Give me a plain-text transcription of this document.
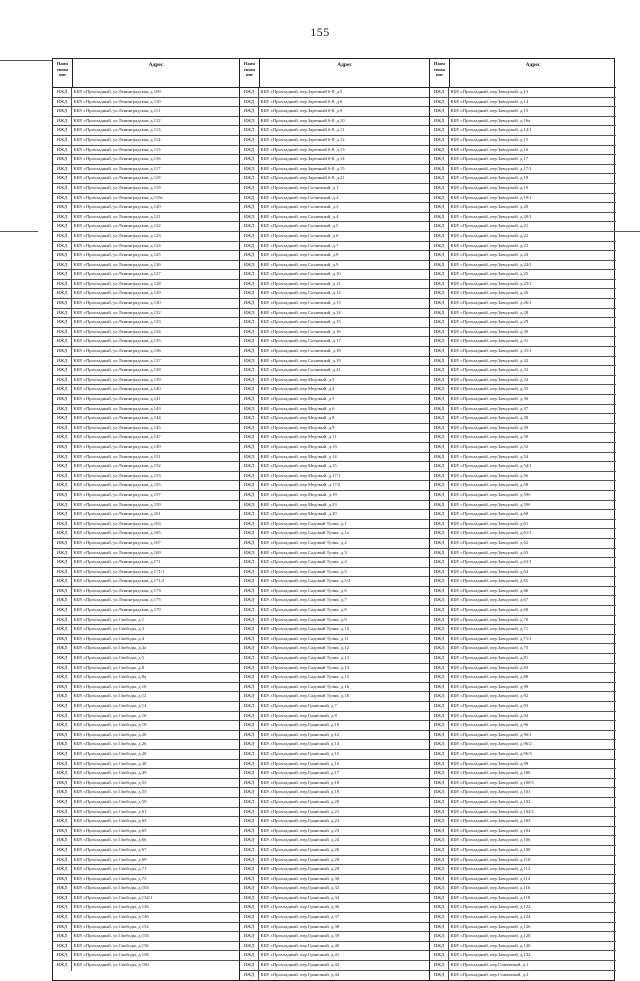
155
Наим енова ние
Адрес
ИЖД	КБР, г.Прохладный, ул.Ленинградская, д.109
ИЖД	КБР, г.Прохладный, ул.Ленинградская, д.110
ИЖД	КБР, г.Прохладный, ул.Ленинградская, д.111
ИЖД	КБР, г.Прохладный, ул.Ленинградская, д.112
ИЖД	КБР, г.Прохладный, ул.Ленинградская, д.113
ИЖД	КБР, г.Прохладный, ул.Ленинградская, д.114
ИЖД	КБР, г.Прохладный, ул.Ленинградская, д.115
ИЖД	КБР, г.Прохладный, ул.Ленинградская, д.116
ИЖД	КБР, г.Прохладный, ул.Ленинградская, д.117
ИЖД	КБР, г.Прохладный, ул.Ленинградская, д.118
ИЖД	КБР, г.Прохладный, ул.Ленинградская, д.119
ИЖД	КБР, г.Прохладный, ул.Ленинградская, д.119а
ИЖД	КБР, г.Прохладный, ул.Ленинградская, д.120
ИЖД	КБР, г.Прохладный, ул.Ленинградская, д.121
ИЖД	КБР, г.Прохладный, ул.Ленинградская, д.122
ИЖД	КБР, г.Прохладный, ул.Ленинградская, д.123
ИЖД	КБР, г.Прохладный, ул.Ленинградская, д.124
ИЖД	КБР, г.Прохладный, ул.Ленинградская, д.125
ИЖД	КБР, г.Прохладный, ул.Ленинградская, д.126
ИЖД	КБР, г.Прохладный, ул.Ленинградская, д.127
ИЖД	КБР, г.Прохладный, ул.Ленинградская, д.128
ИЖД	КБР, г.Прохладный, ул.Ленинградская, д.129
ИЖД	КБР, г.Прохладный, ул.Ленинградская, д.130
ИЖД	КБР, г.Прохладный, ул.Ленинградская, д.132
ИЖД	КБР, г.Прохладный, ул.Ленинградская, д.133
ИЖД	КБР, г.Прохладный, ул.Ленинградская, д.134
ИЖД	КБР, г.Прохладный, ул.Ленинградская, д.135
ИЖД	КБР, г.Прохладный, ул.Ленинградская, д.136
ИЖД	КБР, г.Прохладный, ул.Ленинградская, д.137
ИЖД	КБР, г.Прохладный, ул.Ленинградская, д.138
ИЖД	КБР, г.Прохладный, ул.Ленинградская, д.139
ИЖД	КБР, г.Прохладный, ул.Ленинградская, д.140
ИЖД	КБР, г.Прохладный, ул.Ленинградская, д.141
ИЖД	КБР, г.Прохладный, ул.Ленинградская, д.143
ИЖД	КБР, г.Прохладный, ул.Ленинградская, д.144
ИЖД	КБР, г.Прохладный, ул.Ленинградская, д.145
ИЖД	КБР, г.Прохладный, ул.Ленинградская, д.147
ИЖД	КБР, г.Прохладный, ул.Ленинградская, д.149
ИЖД	КБР, г.Прохладный, ул.Ленинградская, д.151
ИЖД	КБР, г.Прохладный, ул.Ленинградская, д.152
ИЖД	КБР, г.Прохладный, ул.Ленинградская, д.153
ИЖД	КБР, г.Прохладный, ул.Ленинградская, д.155
ИЖД	КБР, г.Прохладный, ул.Ленинградская, д.157
ИЖД	КБР, г.Прохладный, ул.Ленинградская, д.159
ИЖД	КБР, г.Прохладный, ул.Ленинградская, д.161
ИЖД	КБР, г.Прохладный, ул.Ленинградская, д.163
ИЖД	КБР, г.Прохладный, ул.Ленинградская, д.165
ИЖД	КБР, г.Прохладный, ул.Ленинградская, д.167
ИЖД	КБР, г.Прохладный, ул.Ленинградская, д.169
ИЖД	КБР, г.Прохладный, ул.Ленинградская, д.171
ИЖД	КБР, г.Прохладный, ул.Ленинградская, д.171/1
ИЖД	КБР, г.Прохладный, ул.Ленинградская, д.171/2
ИЖД	КБР, г.Прохладный, ул.Ленинградская, д.173
ИЖД	КБР, г.Прохладный, ул.Ленинградская, д.175
ИЖД	КБР, г.Прохладный, ул.Ленинградская, д.179
ИЖД	КБР, г.Прохладный, ул.Свободы, д.1
ИЖД	КБР, г.Прохладный, ул.Свободы, д.3
ИЖД	КБР, г.Прохладный, ул.Свободы, д.4
ИЖД	КБР, г.Прохладный, ул.Свободы, д.4а
ИЖД	КБР, г.Прохладный, ул.Свободы, д.5
ИЖД	КБР, г.Прохладный, ул.Свободы, д.8
ИЖД	КБР, г.Прохладный, ул.Свободы, д.8а
ИЖД	КБР, г.Прохладный, ул.Свободы, д.10
ИЖД	КБР, г.Прохладный, ул.Свободы, д.12
ИЖД	КБР, г.Прохладный, ул.Свободы, д.14
ИЖД	КБР, г.Прохладный, ул.Свободы, д.16
ИЖД	КБР, г.Прохладный, ул.Свободы, д.18
ИЖД	КБР, г.Прохладный, ул.Свободы, д.20
ИЖД	КБР, г.Прохладный, ул.Свободы, д.26
ИЖД	КБР, г.Прохладный, ул.Свободы, д.28
ИЖД	КБР, г.Прохладный, ул.Свободы, д.30
ИЖД	КБР, г.Прохладный, ул.Свободы, д.49
ИЖД	КБР, г.Прохладный, ул.Свободы, д.53
ИЖД	КБР, г.Прохладный, ул.Свободы, д.55
ИЖД	КБР, г.Прохладный, ул.Свободы, д.59
ИЖД	КБР, г.Прохладный, ул.Свободы, д.61
ИЖД	КБР, г.Прохладный, ул.Свободы, д.63
ИЖД	КБР, г.Прохладный, ул.Свободы, д.65
ИЖД	КБР, г.Прохладный, ул.Свободы, д.66
ИЖД	КБР, г.Прохладный, ул.Свободы, д.67
ИЖД	КБР, г.Прохладный, ул.Свободы, д.69
ИЖД	КБР, г.Прохладный, ул.Свободы, д.71
ИЖД	КБР, г.Прохладный, ул.Свободы, д.73
ИЖД	КБР, г.Прохладный, ул.Свободы, д.104
ИЖД	КБР, г.Прохладный, ул.Свободы, д.134/1
ИЖД	КБР, г.Прохладный, ул.Свободы, д.136
ИЖД	КБР, г.Прохладный, ул.Свободы, д.146
ИЖД	КБР, г.Прохладный, ул.Свободы, д.152
ИЖД	КБР, г.Прохладный, ул.Свободы, д.154
ИЖД	КБР, г.Прохладный, ул.Свободы, д.156
ИЖД	КБР, г.Прохладный, ул.Свободы, д.158
ИЖД	КБР, г.Прохладный, ул.Свободы, д.160
Наим енова ние
Адрес
ИЖД	КБР, г.Прохладный, пер.Заречный 6-8, д.5
ИЖД	КБР, г.Прохладный, пер.Заречный 6-8, д.6
ИЖД	КБР, г.Прохладный, пер.Заречный 6-8, д.9
ИЖД	КБР, г.Прохладный, пер.Заречный 6-8, д.10
ИЖД	КБР, г.Прохладный, пер.Заречный 6-8, д.11
ИЖД	КБР, г.Прохладный, пер.Заречный 6-8, д.12
ИЖД	КБР, г.Прохладный, пер.Заречный 6-8, д.13
ИЖД	КБР, г.Прохладный, пер.Заречный 6-8, д.14
ИЖД	КБР, г.Прохладный, пер.Заречный 6-8, д.15
ИЖД	КБР, г.Прохладный, пер.Заречный 6-8, д.21
ИЖД	КБР, г.Прохладный, пер.Солнечный, д.1
ИЖД	КБР, г.Прохладный, пер.Солнечный, д.2
ИЖД	КБР, г.Прохладный, пер.Солнечный, д.3
ИЖД	КБР, г.Прохладный, пер.Солнечный, д.4
ИЖД	КБР, г.Прохладный, пер.Солнечный, д.5
ИЖД	КБР, г.Прохладный, пер.Солнечный, д.6
ИЖД	КБР, г.Прохладный, пер.Солнечный, д.7
ИЖД	КБР, г.Прохладный, пер.Солнечный, д.8
ИЖД	КБР, г.Прохладный, пер.Солнечный, д.9
ИЖД	КБР, г.Прохладный, пер.Солнечный, д.10
ИЖД	КБР, г.Прохладный, пер.Солнечный, д.11
ИЖД	КБР, г.Прохладный, пер.Солнечный, д.12
ИЖД	КБР, г.Прохладный, пер.Солнечный, д.13
ИЖД	КБР, г.Прохладный, пер.Солнечный, д.14
ИЖД	КБР, г.Прохладный, пер.Солнечный, д.15
ИЖД	КБР, г.Прохладный, пер.Солнечный, д.16
ИЖД	КБР, г.Прохладный, пер.Солнечный, д.17
ИЖД	КБР, г.Прохладный, пер.Солнечный, д.18
ИЖД	КБР, г.Прохладный, пер.Солнечный, д.19
ИЖД	КБР, г.Прохладный, пер.Солнечный, д.21
ИЖД	КБР, г.Прохладный, пер.Медовый, д.3
ИЖД	КБР, г.Прохладный, пер.Медовый, д.4
ИЖД	КБР, г.Прохладный, пер.Медовый, д.5
ИЖД	КБР, г.Прохладный, пер.Медовый, д.6
ИЖД	КБР, г.Прохладный, пер.Медовый, д.8
ИЖД	КБР, г.Прохладный, пер.Медовый, д.9
ИЖД	КБР, г.Прохладный, пер.Медовый, д.11
ИЖД	КБР, г.Прохладный, пер.Медовый, д.13
ИЖД	КБР, г.Прохладный, пер.Медовый, д.14
ИЖД	КБР, г.Прохладный, пер.Медовый, д.15
ИЖД	КБР, г.Прохладный, пер.Медовый, д.17/1
ИЖД	КБР, г.Прохладный, пер.Медовый, д.17/2
ИЖД	КБР, г.Прохладный, пер.Медовый, д.19
ИЖД	КБР, г.Прохладный, пер.Медовый, д.23
ИЖД	КБР, г.Прохладный, пер.Медовый, д.29
ИЖД	КБР, г.Прохладный, пер.Садовый Тупик, д.1
ИЖД	КБР, г.Прохладный, пер.Садовый Тупик, д.1а
ИЖД	КБР, г.Прохладный, пер.Садовый Тупик, д.2
ИЖД	КБР, г.Прохладный, пер.Садовый Тупик, д.3
ИЖД	КБР, г.Прохладный, пер.Садовый Тупик, д.4
ИЖД	КБР, г.Прохладный, пер.Садовый Тупик, д.5
ИЖД	КБР, г.Прохладный, пер.Садовый Тупик, д.5/2
ИЖД	КБР, г.Прохладный, пер.Садовый Тупик, д.6
ИЖД	КБР, г.Прохладный, пер.Садовый Тупик, д.7
ИЖД	КБР, г.Прохладный, пер.Садовый Тупик, д.8
ИЖД	КБР, г.Прохладный, пер.Садовый Тупик, д.9
ИЖД	КБР, г.Прохладный, пер.Садовый Тупик, д.10
ИЖД	КБР, г.Прохладный, пер.Садовый Тупик, д.11
ИЖД	КБР, г.Прохладный, пер.Садовый Тупик, д.12
ИЖД	КБР, г.Прохладный, пер.Садовый Тупик, д.13
ИЖД	КБР, г.Прохладный, пер.Садовый Тупик, д.14
ИЖД	КБР, г.Прохладный, пер.Садовый Тупик, д.15
ИЖД	КБР, г.Прохладный, пер.Садовый Тупик, д.16
ИЖД	КБР, г.Прохладный, пер.Садовый Тупик, д.18
ИЖД	КБР, г.Прохладный, пер.Гранічный, д.7
ИЖД	КБР, г.Прохладный, пер.Гранічный, д.8
ИЖД	КБР, г.Прохладный, пер.Гранічный, д.10
ИЖД	КБР, г.Прохладный, пер.Гранічный, д.12
ИЖД	КБР, г.Прохладный, пер.Гранічный, д.14
ИЖД	КБР, г.Прохладный, пер.Гранічный, д.15
ИЖД	КБР, г.Прохладный, пер.Гранічный, д.16
ИЖД	КБР, г.Прохладный, пер.Гранічный, д.17
ИЖД	КБР, г.Прохладный, пер.Гранічный, д.18
ИЖД	КБР, г.Прохладный, пер.Гранічный, д.19
ИЖД	КБР, г.Прохладный, пер.Гранічный, д.20
ИЖД	КБР, г.Прохладный, пер.Гранічный, д.21
ИЖД	КБР, г.Прохладный, пер.Гранічный, д.22
ИЖД	КБР, г.Прохладный, пер.Гранічный, д.23
ИЖД	КБР, г.Прохладный, пер.Гранічный, д.24
ИЖД	КБР, г.Прохладный, пер.Гранічный, д.26
ИЖД	КБР, г.Прохладный, пер.Гранічный, д.28
ИЖД	КБР, г.Прохладный, пер.Гранічный, д.29
ИЖД	КБР, г.Прохладный, пер.Гранічный, д.30
ИЖД	КБР, г.Прохладный, пер.Гранічный, д.32
ИЖД	КБР, г.Прохладный, пер.Гранічный, д.34
ИЖД	КБР, г.Прохладный, пер.Гранічный, д.36
ИЖД	КБР, г.Прохладный, пер.Гранічный, д.37
ИЖД	КБР, г.Прохладный, пер.Гранічный, д.38
ИЖД	КБР, г.Прохладный, пер.Гранічный, д.39
ИЖД	КБР, г.Прохладный, пер.Гранічный, д.40
ИЖД	КБР, г.Прохладный, пер.Гранічный, д.41
ИЖД	КБР, г.Прохладный, пер.Гранічный, д.42
ИЖД	КБР, г.Прохладный, пер.Гранічный, д.44
Наим енова ние
Адрес
ИЖД	КБР, г.Прохладный, пер.Заводской, д.13
ИЖД	КБР, г.Прохладный, пер.Заводской, д.14
ИЖД	КБР, г.Прохладный, пер.Заводской, д.15
ИЖД	КБР, г.Прохладный, пер.Заводской, д.16а
ИЖД	КБР, г.Прохладный, пер.Заводской, д.14/1
ИЖД	КБР, г.Прохладный, пер.Заводской, д.15
ИЖД	КБР, г.Прохладный, пер.Заводской, д.16
ИЖД	КБР, г.Прохладный, пер.Заводской, д.17
ИЖД	КБР, г.Прохладный, пер.Заводской, д.17/1
ИЖД	КБР, г.Прохладный, пер.Заводской, д.18
ИЖД	КБР, г.Прохладный, пер.Заводской, д.19
ИЖД	КБР, г.Прохладный, пер.Заводской, д.19/1
ИЖД	КБР, г.Прохладный, пер.Заводской, д.20
ИЖД	КБР, г.Прохладный, пер.Заводской, д.20/1
ИЖД	КБР, г.Прохладный, пер.Заводской, д.21
ИЖД	КБР, г.Прохладный, пер.Заводской, д.22
ИЖД	КБР, г.Прохладный, пер.Заводской, д.23
ИЖД	КБР, г.Прохладный, пер.Заводской, д.24
ИЖД	КБР, г.Прохладный, пер.Заводской, д.24/1
ИЖД	КБР, г.Прохладный, пер.Заводской, д.25
ИЖД	КБР, г.Прохладный, пер.Заводской, д.25/1
ИЖД	КБР, г.Прохладный, пер.Заводской, д.26
ИЖД	КБР, г.Прохладный, пер.Заводской, д.26/1
ИЖД	КБР, г.Прохладный, пер.Заводской, д.28
ИЖД	КБР, г.Прохладный, пер.Заводской, д.29
ИЖД	КБР, г.Прохладный, пер.Заводской, д.30
ИЖД	КБР, г.Прохладный, пер.Заводской, д.31
ИЖД	КБР, г.Прохладный, пер.Заводской, д.31/1
ИЖД	КБР, г.Прохладный, пер.Заводской, д.32
ИЖД	КБР, г.Прохладный, пер.Заводской, д.33
ИЖД	КБР, г.Прохладный, пер.Заводской, д.34
ИЖД	КБР, г.Прохладный, пер.Заводской, д.35
ИЖД	КБР, г.Прохладный, пер.Заводской, д.36
ИЖД	КБР, г.Прохладный, пер.Заводской, д.37
ИЖД	КБР, г.Прохладный, пер.Заводской, д.38
ИЖД	КБР, г.Прохладный, пер.Заводской, д.39
ИЖД	КБР, г.Прохладный, пер.Заводской, д.50
ИЖД	КБР, г.Прохладный, пер.Заводской, д.52
ИЖД	КБР, г.Прохладный, пер.Заводской, д.54
ИЖД	КБР, г.Прохладный, пер.Заводской, д.54/1
ИЖД	КБР, г.Прохладный, пер.Заводской, д.56
ИЖД	КБР, г.Прохладный, пер.Заводской, д.58
ИЖД	КБР, г.Прохладный, пер.Заводской, д.59б
ИЖД	КБР, г.Прохладный, пер.Заводской, д.59б
ИЖД	КБР, г.Прохладный, пер.Заводской, д.60
ИЖД	КБР, г.Прохладный, пер.Заводской, д.61
ИЖД	КБР, г.Прохладный, пер.Заводской, д.61/1
ИЖД	КБР, г.Прохладный, пер.Заводской, д.62
ИЖД	КБР, г.Прохладный, пер.Заводской, д.63
ИЖД	КБР, г.Прохладный, пер.Заводской, д.63/1
ИЖД	КБР, г.Прохладный, пер.Заводской, д.64
ИЖД	КБР, г.Прохладный, пер.Заводской, д.65
ИЖД	КБР, г.Прохладный, пер.Заводской, д.66
ИЖД	КБР, г.Прохладный, пер.Заводской, д.67
ИЖД	КБР, г.Прохладный, пер.Заводской, д.68
ИЖД	КБР, г.Прохладный, пер.Заводской, д.70
ИЖД	КБР, г.Прохладный, пер.Заводской, д.71
ИЖД	КБР, г.Прохладный, пер.Заводской, д.71/1
ИЖД	КБР, г.Прохладный, пер.Заводской, д.75
ИЖД	КБР, г.Прохладный, пер.Заводской, д.81
ИЖД	КБР, г.Прохладный, пер.Заводской, д.83
ИЖД	КБР, г.Прохладный, пер.Заводской, д.88
ИЖД	КБР, г.Прохладный, пер.Заводской, д.90
ИЖД	КБР, г.Прохладный, пер.Заводской, д.92
ИЖД	КБР, г.Прохладный, пер.Заводской, д.93
ИЖД	КБР, г.Прохладный, пер.Заводской, д.94
ИЖД	КБР, г.Прохладный, пер.Заводской, д.96
ИЖД	КБР, г.Прохладный, пер.Заводской, д.96/1
ИЖД	КБР, г.Прохладный, пер.Заводской, д.96/2
ИЖД	КБР, г.Прохладный, пер.Заводской, д.96/3
ИЖД	КБР, г.Прохладный, пер.Заводской, д.99
ИЖД	КБР, г.Прохладный, пер.Заводской, д.100
ИЖД	КБР, г.Прохладный, пер.Заводской, д.100/1
ИЖД	КБР, г.Прохладный, пер.Заводской, д.101
ИЖД	КБР, г.Прохладный, пер.Заводской, д.102
ИЖД	КБР, г.Прохладный, пер.Заводской, д.102/1
ИЖД	КБР, г.Прохладный, пер.Заводской, д.103
ИЖД	КБР, г.Прохладный, пер.Заводской, д.104
ИЖД	КБР, г.Прохладный, пер.Заводской, д.106
ИЖД	КБР, г.Прохладный, пер.Заводской, д.108
ИЖД	КБР, г.Прохладный, пер.Заводской, д.110
ИЖД	КБР, г.Прохладный, пер.Заводской, д.112
ИЖД	КБР, г.Прохладный, пер.Заводской, д.114
ИЖД	КБР, г.Прохладный, пер.Заводской, д.116
ИЖД	КБР, г.Прохладный, пер.Заводской, д.118
ИЖД	КБР, г.Прохладный, пер.Заводской, д.122
ИЖД	КБР, г.Прохладный, пер.Заводской, д.124
ИЖД	КБР, г.Прохладный, пер.Заводской, д.126
ИЖД	КБР, г.Прохладный, пер.Заводской, д.128
ИЖД	КБР, г.Прохладный, пер.Заводской, д.130
ИЖД	КБР, г.Прохладный, пер.Заводской, д.132
ИЖД	КБР, г.Прохладный, пер.Станичный, д.1
ИЖД	КБР, г.Прохладный, пер.Станичный, д.2
